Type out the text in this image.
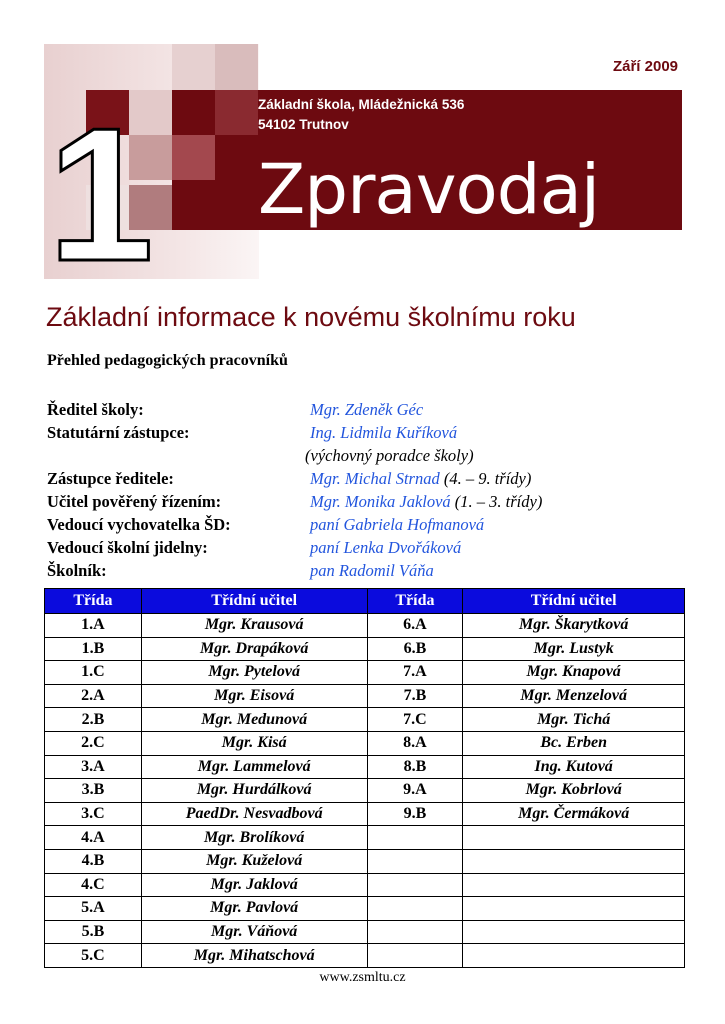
1
Září 2009
Základní škola, Mládežnická 536
54102 Trutnov
Zpravodaj
Základní informace k novému školnímu roku
Přehled pedagogických pracovníků
Ředitel školy:	Mgr. Zdeněk Géc
Statutární zástupce:	Ing. Lidmila Kuříková
(výchovný poradce školy)
Zástupce ředitele:	Mgr. Michal Strnad (4. – 9. třídy)
Učitel pověřený řízením:	Mgr. Monika Jaklová (1. – 3. třídy)
Vedoucí vychovatelka ŠD:	paní Gabriela Hofmanová
Vedoucí školní jidelny:	paní Lenka Dvořáková
Školník:	pan Radomil Váňa
Třída	Třídní učitel	Třída	Třídní učitel
1.A	Mgr. Krausová	6.A	Mgr. Škarytková
1.B	Mgr. Drapáková	6.B	Mgr. Lustyk
1.C	Mgr. Pytelová	7.A	Mgr. Knapová
2.A	Mgr. Eisová	7.B	Mgr. Menzelová
2.B	Mgr. Medunová	7.C	Mgr. Tichá
2.C	Mgr. Kisá	8.A	Bc. Erben
3.A	Mgr. Lammelová	8.B	Ing. Kutová
3.B	Mgr. Hurdálková	9.A	Mgr. Kobrlová
3.C	PaedDr. Nesvadbová	9.B	Mgr. Čermáková
4.A	Mgr. Brolíková		
4.B	Mgr. Kuželová		
4.C	Mgr. Jaklová		
5.A	Mgr. Pavlová		
5.B	Mgr. Váňová		
5.C	Mgr. Mihatschová		
www.zsmltu.cz
